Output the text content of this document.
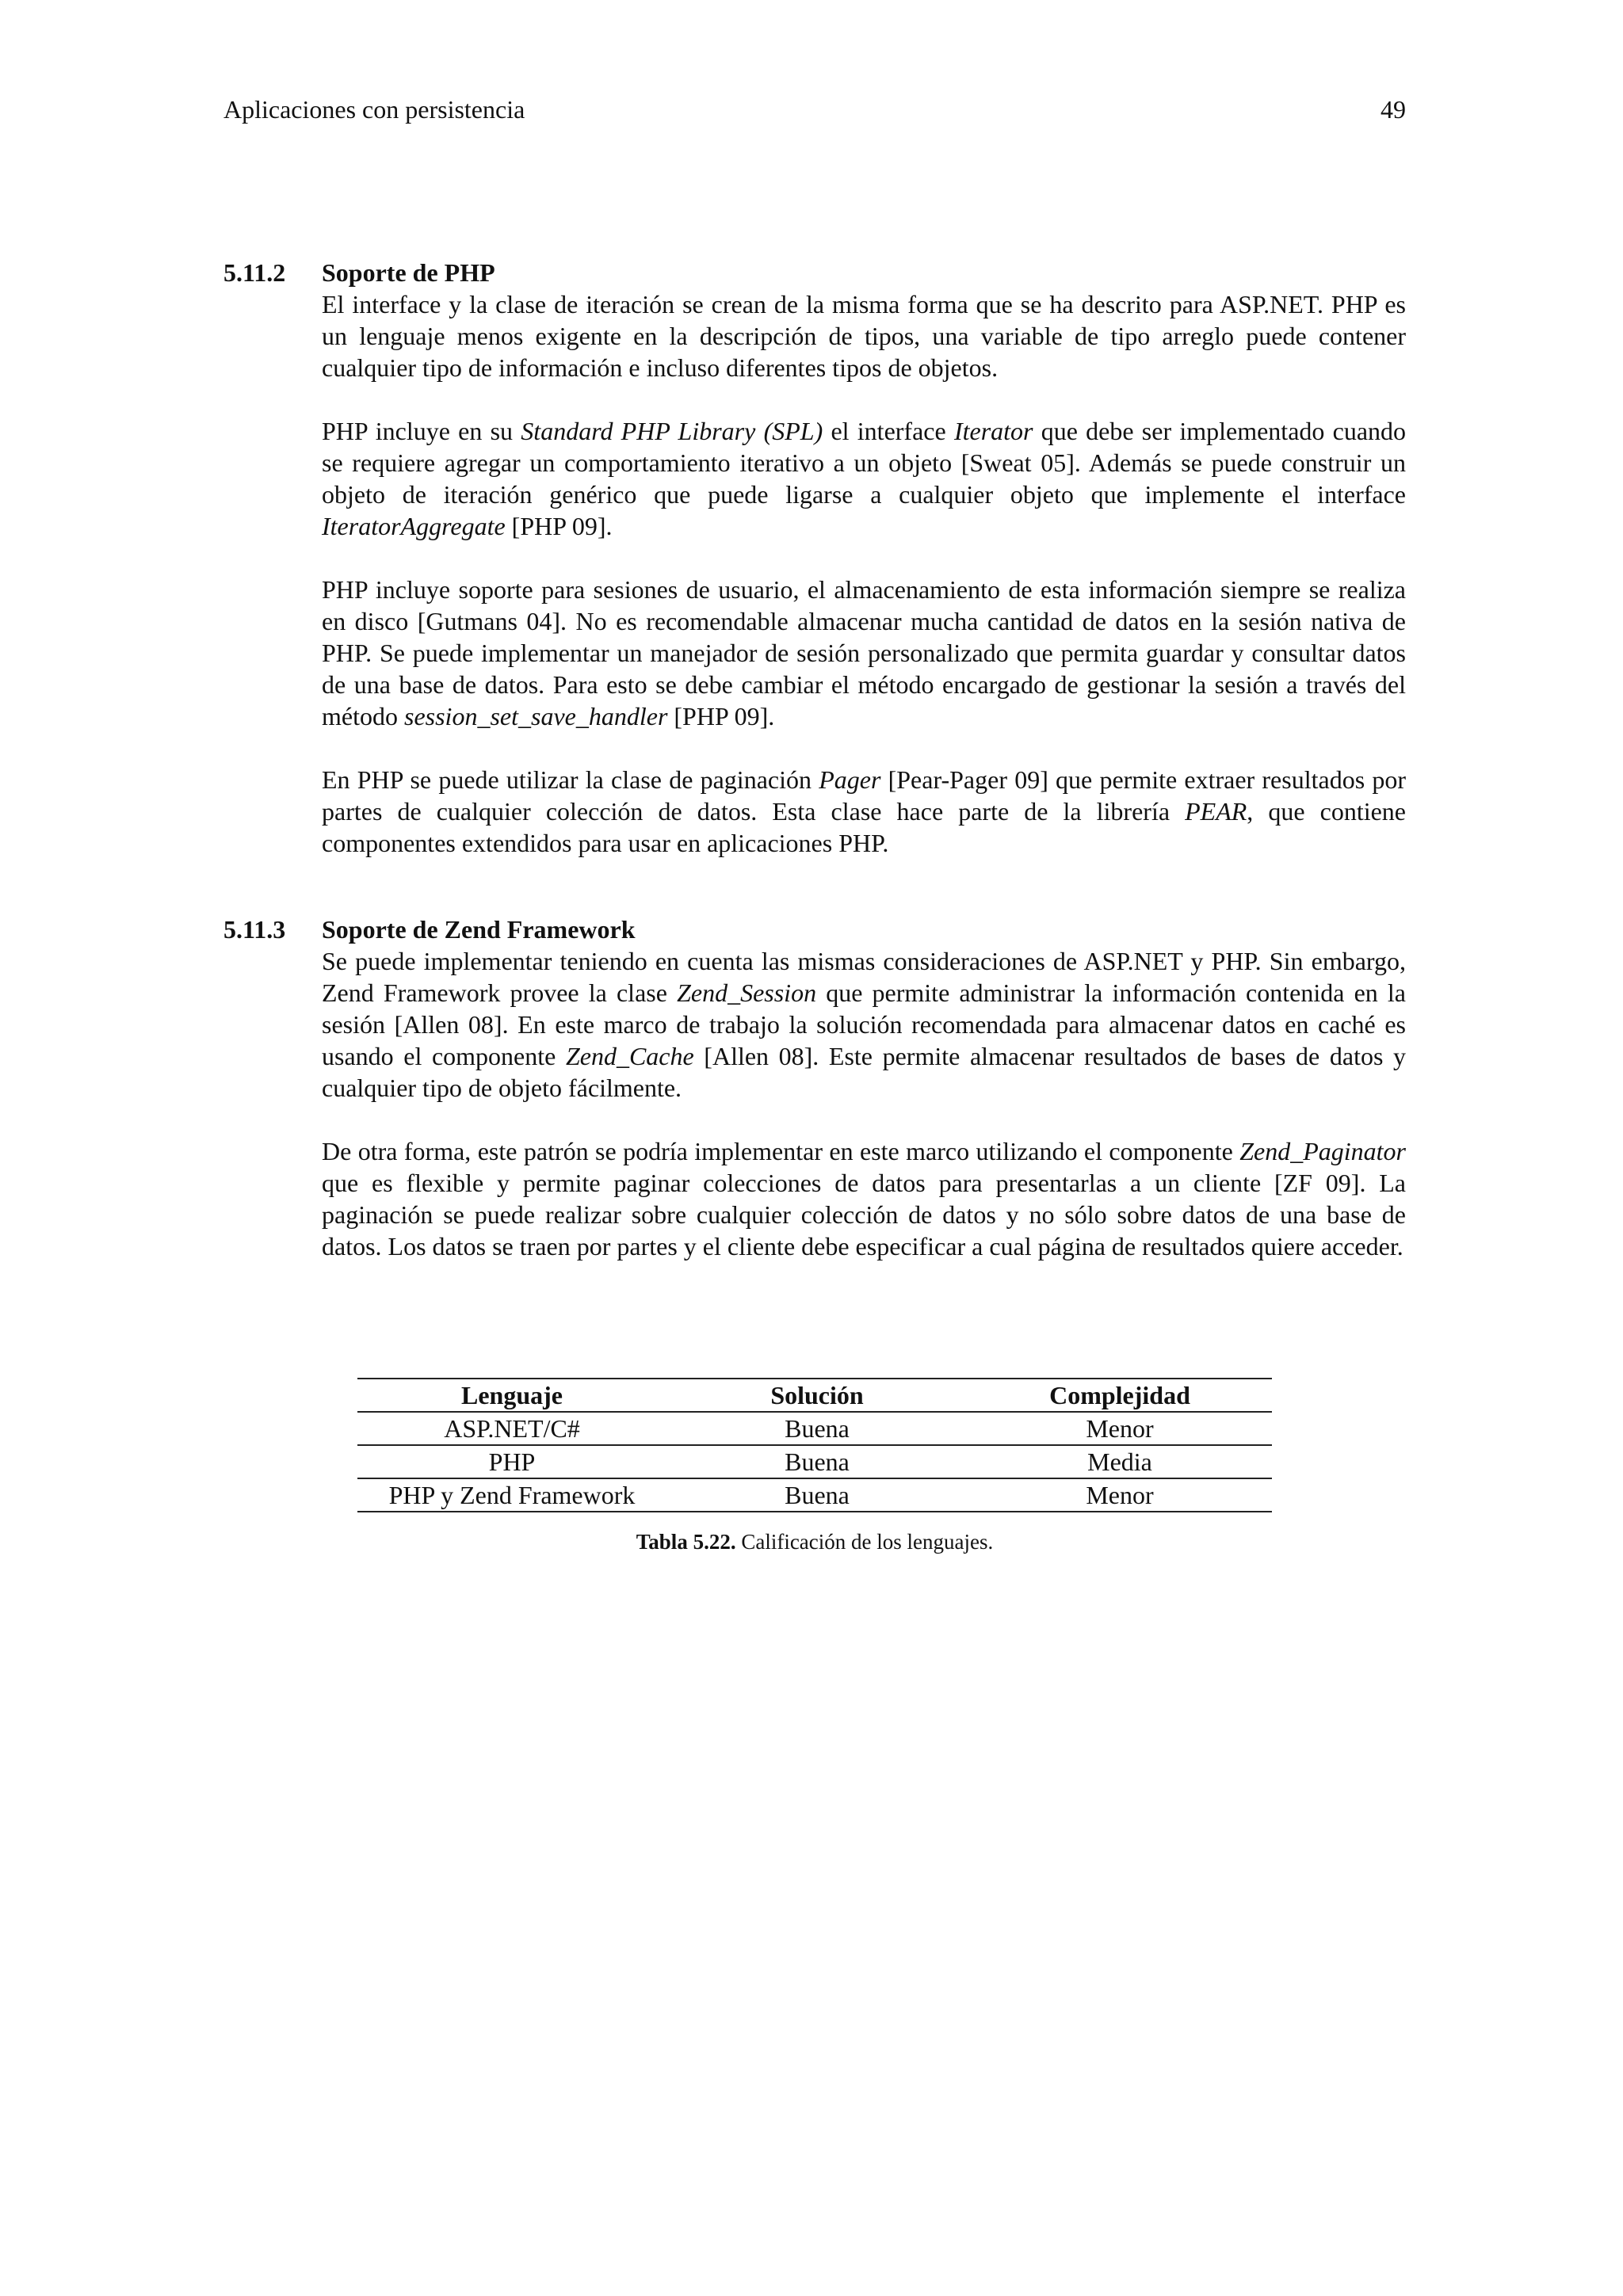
Aplicaciones con persistencia	49
5.11.2	Soporte de PHP

El interface y la clase de iteración se crean de la misma forma que se ha descrito para ASP.NET. PHP es un lenguaje menos exigente en la descripción de tipos, una variable de tipo arreglo puede contener cualquier tipo de información e incluso diferentes tipos de objetos.

PHP incluye en su Standard PHP Library (SPL) el interface Iterator que debe ser implementado cuando se requiere agregar un comportamiento iterativo a un objeto [Sweat 05]. Además se puede construir un objeto de iteración genérico que puede ligarse a cualquier objeto que implemente el interface IteratorAggregate [PHP 09].

PHP incluye soporte para sesiones de usuario, el almacenamiento de esta información siempre se realiza en disco [Gutmans 04]. No es recomendable almacenar mucha cantidad de datos en la sesión nativa de PHP. Se puede implementar un manejador de sesión personalizado que permita guardar y consultar datos de una base de datos. Para esto se debe cambiar el método encargado de gestionar la sesión a través del método session_set_save_handler [PHP 09].

En PHP se puede utilizar la clase de paginación Pager [Pear-Pager 09] que permite extraer resultados por partes de cualquier colección de datos. Esta clase hace parte de la librería PEAR, que contiene componentes extendidos para usar en aplicaciones PHP.

5.11.3	Soporte de Zend Framework

Se puede implementar teniendo en cuenta las mismas consideraciones de ASP.NET y PHP. Sin embargo, Zend Framework provee la clase Zend_Session que permite administrar la información contenida en la sesión [Allen 08]. En este marco de trabajo la solución recomendada para almacenar datos en caché es usando el componente Zend_Cache [Allen 08]. Este permite almacenar resultados de bases de datos y cualquier tipo de objeto fácilmente.

De otra forma, este patrón se podría implementar en este marco utilizando el componente Zend_Paginator que es flexible y permite paginar colecciones de datos para presentarlas a un cliente [ZF 09]. La paginación se puede realizar sobre cualquier colección de datos y no sólo sobre datos de una base de datos. Los datos se traen por partes y el cliente debe especificar a cual página de resultados quiere acceder.

Lenguaje	Solución	Complejidad
ASP.NET/C#	Buena	Menor
PHP	Buena	Media
PHP y Zend Framework	Buena	Menor
Tabla 5.22. Calificación de los lenguajes.
